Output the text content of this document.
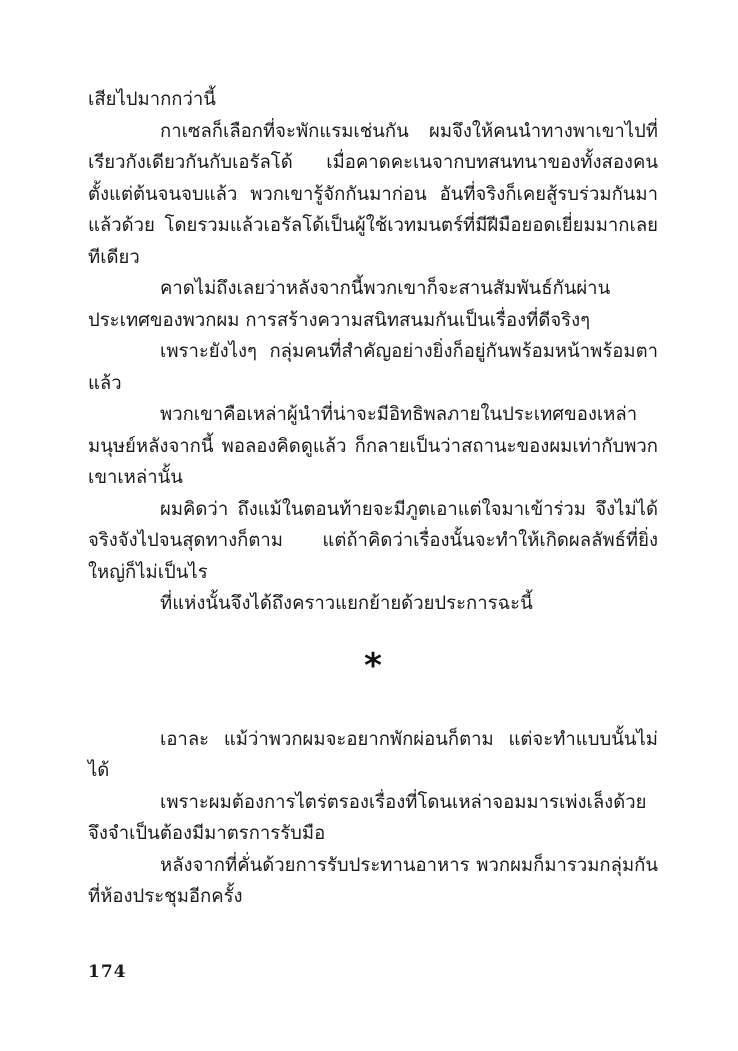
เสียไปมากกว่านี้

กาเซลก็เลือกที่จะพักแรมเช่นกัน ผมจึงให้คนนำทางพาเขาไปที่เรียวกังเดียวกันกับเอรัลโด้ เมื่อคาดคะเนจากบทสนทนาของทั้งสองคนตั้งแต่ต้นจนจบแล้ว พวกเขารู้จักกันมาก่อน อันที่จริงก็เคยสู้รบร่วมกันมาแล้วด้วย โดยรวมแล้วเอรัลโด้เป็นผู้ใช้เวทมนตร์ที่มีฝีมือยอดเยี่ยมมากเลยทีเดียว

คาดไม่ถึงเลยว่าหลังจากนี้พวกเขาก็จะสานสัมพันธ์กันผ่านประเทศของพวกผม การสร้างความสนิทสนมกันเป็นเรื่องที่ดีจริงๆ

เพราะยังไงๆ กลุ่มคนที่สำคัญอย่างยิ่งก็อยู่กันพร้อมหน้าพร้อมตาแล้ว

พวกเขาคือเหล่าผู้นำที่น่าจะมีอิทธิพลภายในประเทศของเหล่ามนุษย์หลังจากนี้ พอลองคิดดูแล้ว ก็กลายเป็นว่าสถานะของผมเท่ากับพวกเขาเหล่านั้น

ผมคิดว่า ถึงแม้ในตอนท้ายจะมีภูตเอาแต่ใจมาเข้าร่วม จึงไม่ได้จริงจังไปจนสุดทางก็ตาม แต่ถ้าคิดว่าเรื่องนั้นจะทำให้เกิดผลลัพธ์ที่ยิ่งใหญ่ก็ไม่เป็นไร

ที่แห่งนั้นจึงได้ถึงคราวแยกย้ายด้วยประการฉะนี้

*

เอาละ แม้ว่าพวกผมจะอยากพักผ่อนก็ตาม แต่จะทำแบบนั้นไม่ได้

เพราะผมต้องการไตร่ตรองเรื่องที่โดนเหล่าจอมมารเพ่งเล็งด้วยจึงจำเป็นต้องมีมาตรการรับมือ

หลังจากที่คั่นด้วยการรับประทานอาหาร พวกผมก็มารวมกลุ่มกันที่ห้องประชุมอีกครั้ง

174
